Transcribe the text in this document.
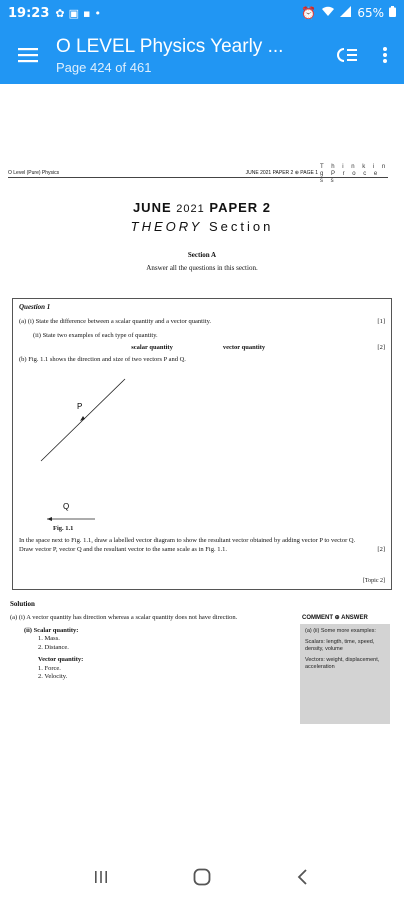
19:23 ✿ ▣ ▪ •	⏰	65%
O LEVEL Physics Yearly ...
Page 424 of 461
O Level (Pure) Physics	JUNE 2021 PAPER 2 ⊕ PAGE 1
T h i n k i n g P r o c e s s
JUNE 2021 PAPER 2
THEORY Section
Section A
Answer all the questions in this section.
Question 1
(a) (i) State the difference between a scalar quantity and a vector quantity.	[1]
(ii) State two examples of each type of quantity.
scalar quantity	vector quantity	[2]
(b) Fig. 1.1 shows the direction and size of two vectors P and Q.
P
Q
Fig. 1.1
In the space next to Fig. 1.1, draw a labelled vector diagram to show the resultant vector obtained by adding vector P to vector Q.
Draw vector P, vector Q and the resultant vector to the same scale as in Fig. 1.1.	[2]
[Topic 2]
Solution
(a) (i) A vector quantity has direction whereas a scalar quantity does not have direction.
(ii) Scalar quantity:
1. Mass.
2. Distance.
Vector quantity:
1. Force.
2. Velocity.
COMMENT ⊕ ANSWER
(a) (ii) Some more examples:
Scalars: length, time, speed, density, volume
Vectors: weight, displacement, acceleration
